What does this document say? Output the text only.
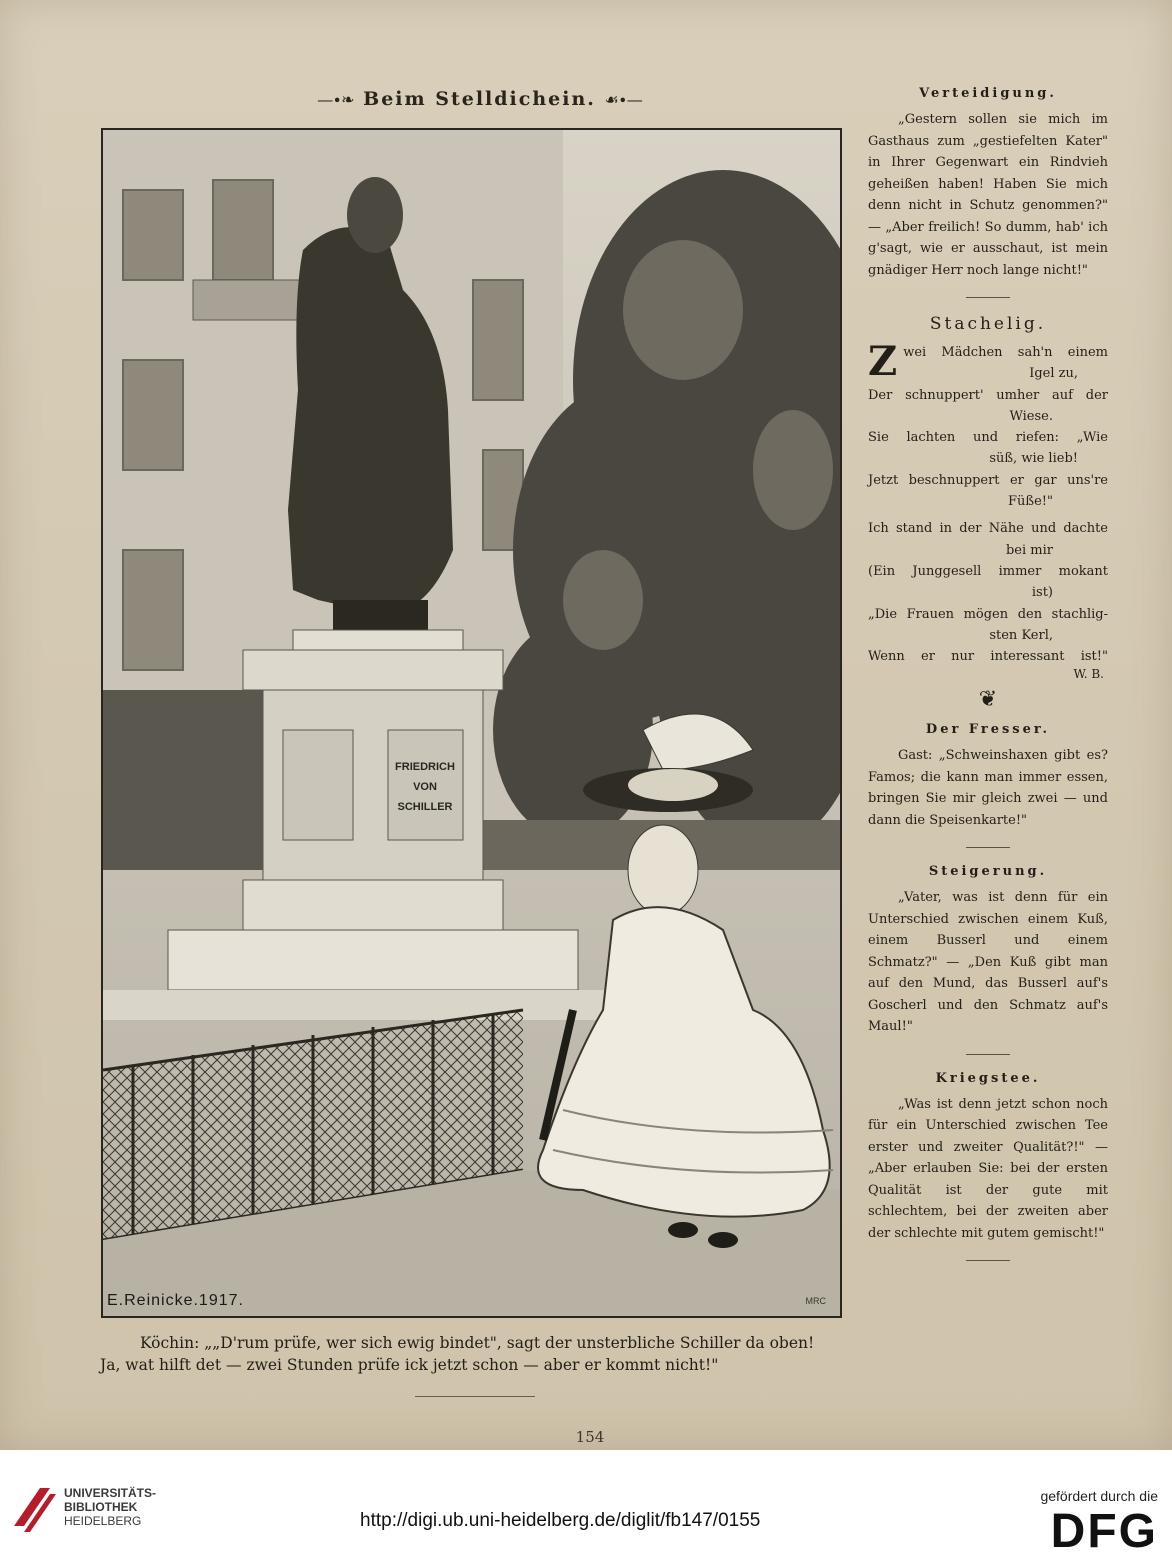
—∙❧ Beim Stelldichein. ☙∙—
FRIEDRICH
VON
SCHILLER
E.Reinicke.1917.	MRC

Köchin: „„D'rum prüfe, wer sich ewig bindet", sagt der unsterbliche Schiller da oben!

Ja, wat hilft det — zwei Stunden prüfe ick jetzt schon — aber er kommt nicht!"

154
Verteidigung.

„Gestern sollen sie mich im Gasthaus zum „gestiefelten Kater" in Ihrer Gegenwart ein Rindvieh geheißen haben! Haben Sie mich denn nicht in Schutz genommen?" — „Aber freilich! So dumm, hab' ich g'sagt, wie er ausschaut, ist mein gnädiger Herr noch lange nicht!"

Stachelig.
Z wei Mädchen sah'n einem
Igel zu,
Der schnuppert' umher auf der
Wiese.
Sie lachten und riefen: „Wie
süß, wie lieb!
Jetzt beschnuppert er gar uns're
Füße!"
Ich stand in der Nähe und dachte
bei mir
(Ein Junggesell immer mokant
ist)
„Die Frauen mögen den stachlig-
sten Kerl,
Wenn er nur interessant ist!"

W. B.

❦
Der Fresser.

Gast: „Schweinshaxen gibt es? Famos; die kann man immer essen, bringen Sie mir gleich zwei — und dann die Speisenkarte!"

Steigerung.

„Vater, was ist denn für ein Unterschied zwischen einem Kuß, einem Busserl und einem Schmatz?" — „Den Kuß gibt man auf den Mund, das Busserl auf's Goscherl und den Schmatz auf's Maul!"

Kriegstee.

„Was ist denn jetzt schon noch für ein Unterschied zwischen Tee erster und zweiter Qualität?!" — „Aber erlauben Sie: bei der ersten Qualität ist der gute mit schlechtem, bei der zweiten aber der schlechte mit gutem gemischt!"

UNIVERSITÄTS-
BIBLIOTHEK
HEIDELBERG	http://digi.ub.uni-heidelberg.de/diglit/fb147/0155
gefördert durch die
DFG
